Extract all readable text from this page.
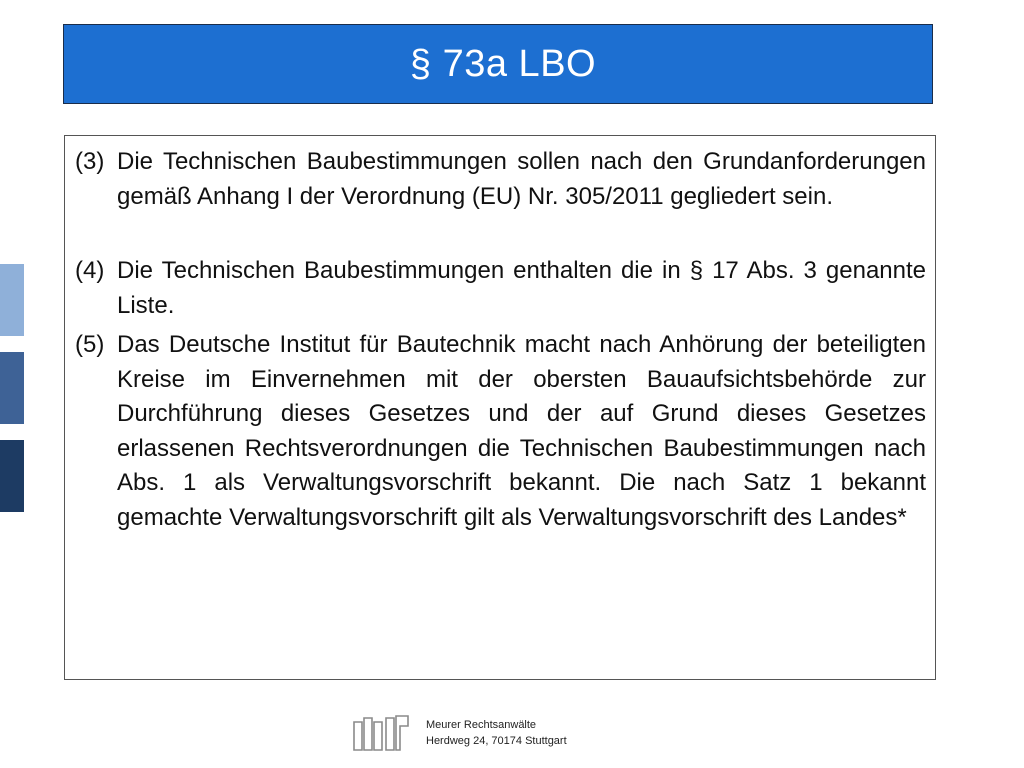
§ 73a LBO
(3) Die Technischen Baubestimmungen sollen nach den Grundanforderungen gemäß Anhang I der Verordnung (EU) Nr. 305/2011 gegliedert sein.
(4) Die Technischen Baubestimmungen enthalten die in § 17 Abs. 3 genannte Liste.
(5) Das Deutsche Institut für Bautechnik macht nach Anhörung der beteiligten Kreise im Einvernehmen mit der obersten Bauaufsichtsbehörde zur Durchführung dieses Gesetzes und der auf Grund dieses Gesetzes erlassenen Rechtsverordnungen die Technischen Baubestimmungen nach Abs. 1 als Verwaltungsvorschrift bekannt. Die nach Satz 1 bekannt gemachte Verwaltungsvorschrift gilt als Verwaltungsvorschrift des Landes*
Meurer Rechtsanwälte
Herdweg 24, 70174 Stuttgart
